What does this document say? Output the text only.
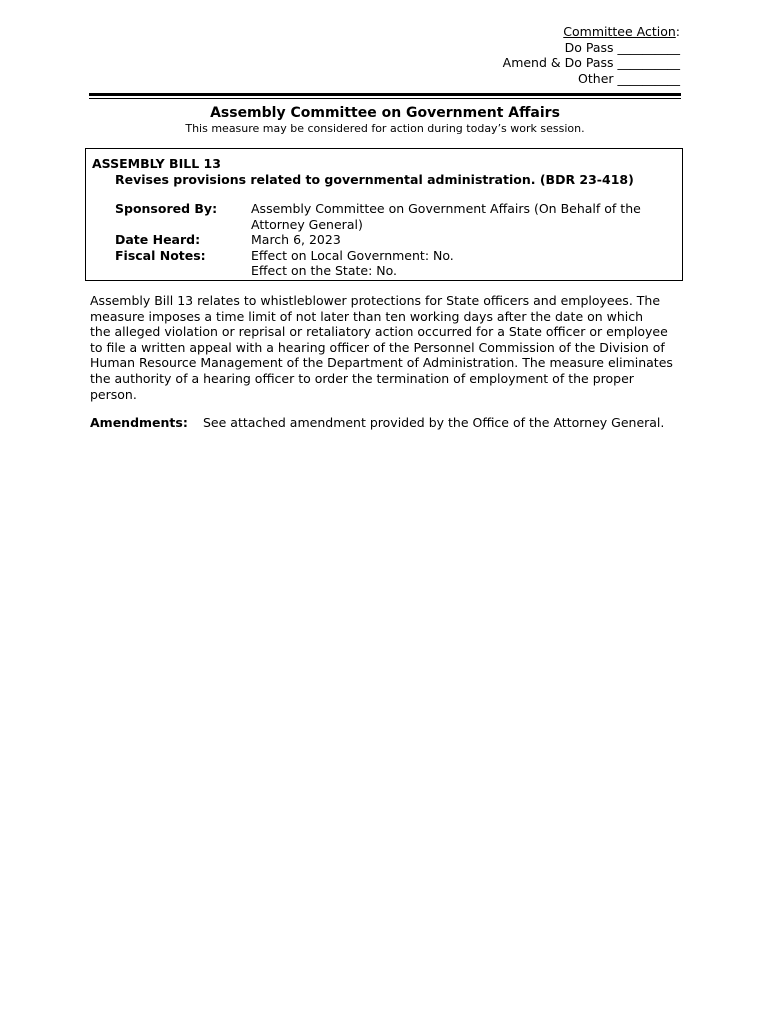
Committee Action:
Do Pass __________
Amend & Do Pass __________
Other __________
Assembly Committee on Government Affairs
This measure may be considered for action during today’s work session.
ASSEMBLY BILL 13
Revises provisions related to governmental administration. (BDR 23-418)
Sponsored By:	Assembly Committee on Government Affairs (On Behalf of the
Attorney General)
Date Heard:	March 6, 2023
Fiscal Notes:	Effect on Local Government: No.
Effect on the State: No.
Assembly Bill 13 relates to whistleblower protections for State officers and employees. The
measure imposes a time limit of not later than ten working days after the date on which
the alleged violation or reprisal or retaliatory action occurred for a State officer or employee
to file a written appeal with a hearing officer of the Personnel Commission of the Division of
Human Resource Management of the Department of Administration. The measure eliminates
the authority of a hearing officer to order the termination of employment of the proper
person.
Amendments: See attached amendment provided by the Office of the Attorney General.
